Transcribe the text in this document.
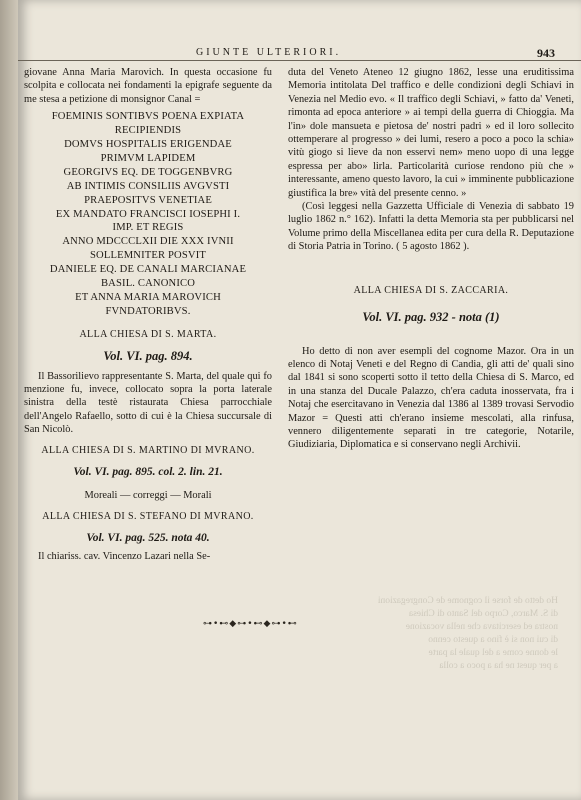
GIUNTE ULTERIORI.	943

giovane Anna Maria Marovich. In questa occasione fu scolpita e collocata nei fondamenti la epigrafe seguente da me stesa a petizione di monsignor Canal =

FOEMINIS SONTIBVS POENA EXPIATA
RECIPIENDIS
DOMVS HOSPITALIS ERIGENDAE
PRIMVM LAPIDEM
GEORGIVS EQ. DE TOGGENBVRG
AB INTIMIS CONSILIIS AVGVSTI
PRAEPOSITVS VENETIAE
EX MANDATO FRANCISCI IOSEPHI I.
IMP. ET REGIS
ANNO MDCCCLXII DIE XXX IVNII
SOLLEMNITER POSVIT
DANIELE EQ. DE CANALI MARCIANAE
BASIL. CANONICO
ET ANNA MARIA MAROVICH
FVNDATORIBVS.
ALLA CHIESA DI S. MARTA.
Vol. VI. pag. 894.

Il Bassorilievo rappresentante S. Marta, del quale qui fo menzione fu, invece, collocato sopra la porta laterale sinistra della testè ristaurata Chiesa parrocchiale dell'Angelo Rafaello, sotto di cui è la Chiesa succursale di San Nicolò.

ALLA CHIESA DI S. MARTINO DI MVRANO.
Vol. VI. pag. 895. col. 2. lin. 21.
Moreali — correggi — Morali
ALLA CHIESA DI S. STEFANO DI MVRANO.
Vol. VI. pag. 525. nota 40.

Il chiariss. cav. Vincenzo Lazari nella Se-

duta del Veneto Ateneo 12 giugno 1862, lesse una eruditissima Memoria intitolata Del traffico e delle condizioni degli Schiavi in Venezia nel Medio evo. « Il traffico degli Schiavi, » fatto da' Veneti, rimonta ad epoca anteriore » ai tempi della guerra di Chioggia. Ma l'in» dole mansueta e pietosa de' nostri padri » ed il loro sollecito ottemperare al progresso » dei lumi, resero a poco a poco la schia» vitù giogo si lieve da non esservi nem» meno uopo di una legge espressa per abo» lirla. Particolarità curiose rendono più che » interessante, ameno questo lavoro, la cui » imminente pubblicazione giustifica la bre» vità del presente cenno. »

(Così leggesi nella Gazzetta Ufficiale di Venezia di sabbato 19 luglio 1862 n.° 162). Infatti la detta Memoria sta per pubblicarsi nel Volume primo della Miscellanea edita per cura della R. Deputazione di Storia Patria in Torino. ( 5 agosto 1862 ).

ALLA CHIESA DI S. ZACCARIA.
Vol. VI. pag. 932 - nota (1)

Ho detto di non aver esempli del cognome Mazor. Ora in un elenco di Notaj Veneti e del Regno di Candia, gli atti de' quali sino dal 1841 si sono scoperti sotto il tetto della Chiesa di S. Marco, ed in una stanza del Ducale Palazzo, ch'era caduta inosservata, fra i Notaj che esercitavano in Venezia dal 1386 al 1389 trovasi Servodio Mazor = Questi atti ch'erano insieme mescolati, alla rinfusa, vennero diligentemente separati in tre categorie, Notarile, Giudiziaria, Diplomatica e si conservano negli Archivii.

⊶•⊷◆⊶•⊷◆⊶•⊷
Ho detto de forse il cognome de Congregazioni
di S. Marco, Corpo del Santo di Chiesa
nostra ed esercitava che nella vocazione
di cui non si è fino a questo cenno
le donne come a del quale la parte
a per quest ne ha a poco a colla
